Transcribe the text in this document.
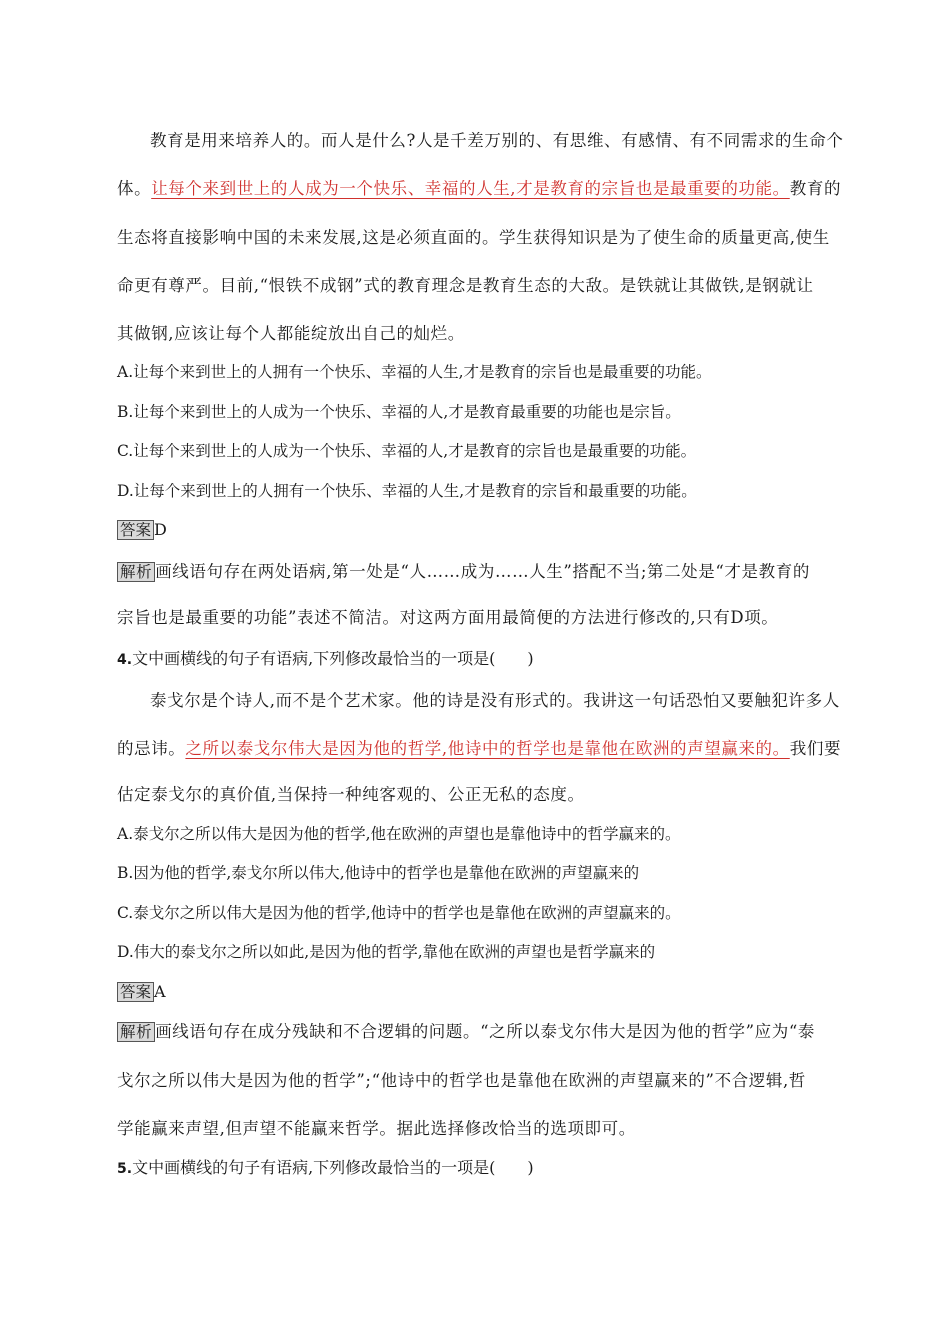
教育是用来培养人的。而人是什么?人是千差万别的、有思维、有感情、有不同需求的生命个
体。让每个来到世上的人成为一个快乐、幸福的人生,才是教育的宗旨也是最重要的功能。教育的
生态将直接影响中国的未来发展,这是必须直面的。学生获得知识是为了使生命的质量更高,使生
命更有尊严。目前,“恨铁不成钢”式的教育理念是教育生态的大敌。是铁就让其做铁,是钢就让
其做钢,应该让每个人都能绽放出自己的灿烂。
A.让每个来到世上的人拥有一个快乐、幸福的人生,才是教育的宗旨也是最重要的功能。
B.让每个来到世上的人成为一个快乐、幸福的人,才是教育最重要的功能也是宗旨。
C.让每个来到世上的人成为一个快乐、幸福的人,才是教育的宗旨也是最重要的功能。
D.让每个来到世上的人拥有一个快乐、幸福的人生,才是教育的宗旨和最重要的功能。
答案 D
解析 画线语句存在两处语病,第一处是“人……成为……人生”搭配不当;第二处是“才是教育的
宗旨也是最重要的功能”表述不简洁。对这两方面用最简便的方法进行修改的,只有D项。
4.文中画横线的句子有语病,下列修改最恰当的一项是(　　)
泰戈尔是个诗人,而不是个艺术家。他的诗是没有形式的。我讲这一句话恐怕又要触犯许多人
的忌讳。之所以泰戈尔伟大是因为他的哲学,他诗中的哲学也是靠他在欧洲的声望赢来的。我们要
估定泰戈尔的真价值,当保持一种纯客观的、公正无私的态度。
A.泰戈尔之所以伟大是因为他的哲学,他在欧洲的声望也是靠他诗中的哲学赢来的。
B.因为他的哲学,泰戈尔所以伟大,他诗中的哲学也是靠他在欧洲的声望赢来的
C.泰戈尔之所以伟大是因为他的哲学,他诗中的哲学也是靠他在欧洲的声望赢来的。
D.伟大的泰戈尔之所以如此,是因为他的哲学,靠他在欧洲的声望也是哲学赢来的
答案 A
解析 画线语句存在成分残缺和不合逻辑的问题。“之所以泰戈尔伟大是因为他的哲学”应为“泰
戈尔之所以伟大是因为他的哲学”;“他诗中的哲学也是靠他在欧洲的声望赢来的”不合逻辑,哲
学能赢来声望,但声望不能赢来哲学。据此选择修改恰当的选项即可。
5.文中画横线的句子有语病,下列修改最恰当的一项是(　　)
